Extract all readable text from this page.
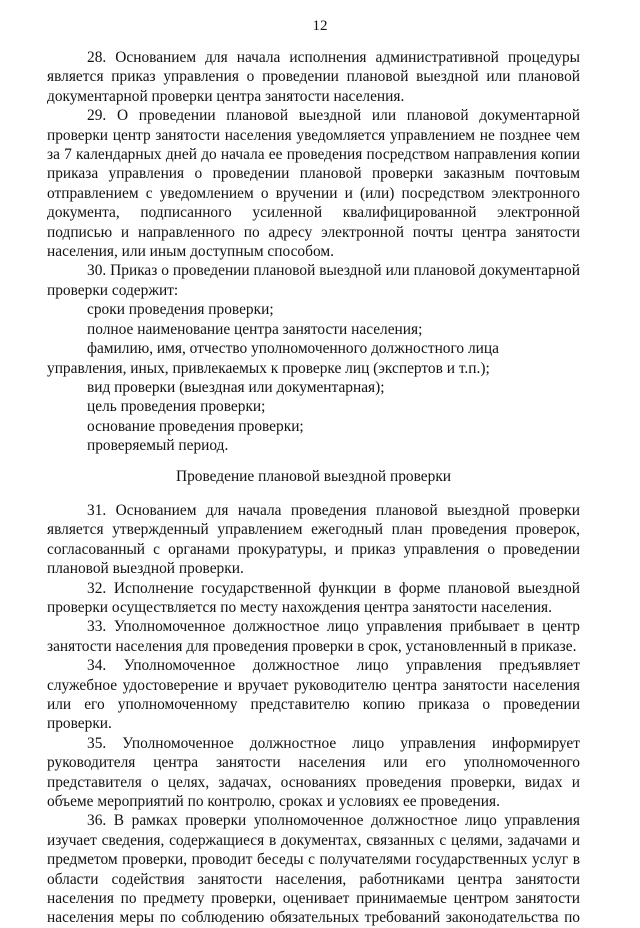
12

28. Основанием для начала исполнения административной процедуры является приказ управления о проведении плановой выездной или плановой документарной проверки центра занятости населения.

29. О проведении плановой выездной или плановой документарной проверки центр занятости населения уведомляется управлением не позднее чем за 7 календарных дней до начала ее проведения посредством направления копии приказа управления о проведении плановой проверки заказным почтовым отправлением с уведомлением о вручении и (или) посредством электронного документа, подписанного усиленной квалифицированной электронной подписью и направленного по адресу электронной почты центра занятости населения, или иным доступным способом.

30. Приказ о проведении плановой выездной или плановой документарной проверки содержит:

сроки проведения проверки;

полное наименование центра занятости населения;

фамилию, имя, отчество уполномоченного должностного лица управления, иных, привлекаемых к проверке лиц (экспертов и т.п.);

вид проверки (выездная или документарная);

цель проведения проверки;

основание проведения проверки;

проверяемый период.

Проведение плановой выездной проверки

31. Основанием для начала проведения плановой выездной проверки является утвержденный управлением ежегодный план проведения проверок, согласованный с органами прокуратуры, и приказ управления о проведении плановой выездной проверки.

32. Исполнение государственной функции в форме плановой выездной проверки осуществляется по месту нахождения центра занятости населения.

33. Уполномоченное должностное лицо управления прибывает в центр занятости населения для проведения проверки в срок, установленный в приказе.

34. Уполномоченное должностное лицо управления предъявляет служебное удостоверение и вручает руководителю центра занятости населения или его уполномоченному представителю копию приказа о проведении проверки.

35. Уполномоченное должностное лицо управления информирует руководителя центра занятости населения или его уполномоченного представителя о целях, задачах, основаниях проведения проверки, видах и объеме мероприятий по контролю, сроках и условиях ее проведения.

36. В рамках проверки уполномоченное должностное лицо управления изучает сведения, содержащиеся в документах, связанных с целями, задачами и предметом проверки, проводит беседы с получателями государственных услуг в области содействия занятости населения, работниками центра занятости населения по предмету проверки, оценивает принимаемые центром занятости населения меры по соблюдению обязательных требований законодательства по
